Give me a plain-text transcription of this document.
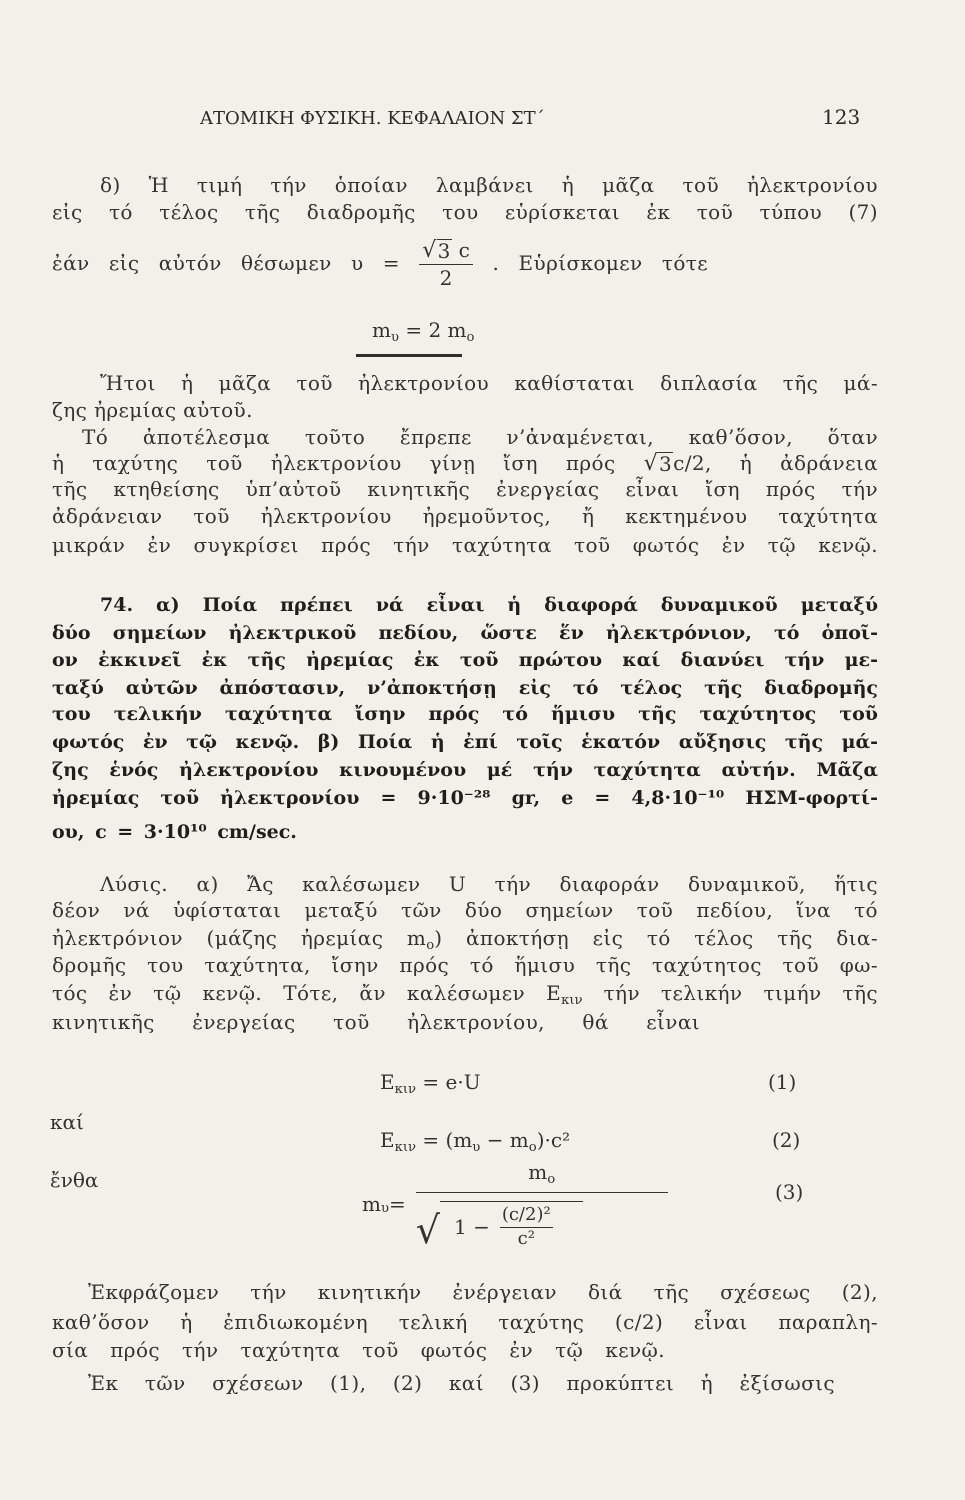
ΑΤΟΜΙΚΗ ΦΥΣΙΚΗ. ΚΕΦΑΛΑΙΟΝ ΣΤ΄	123
δ) Ἡ τιμή τήν ὁποίαν λαμβάνει ἡ μᾶζα τοῦ ἠλεκτρονίου
εἰς τό τέλος τῆς διαδρομῆς του εὑρίσκεται ἐκ τοῦ τύπου (7)
ἐάν εἰς αὐτόν θέσωμεν $\upsilon = \frac{√ 3 c}{2}$ . Εὑρίσκομεν τότε
$m_\upsilon = 2$ $m_o$
Ἤτοι ἡ μᾶζα τοῦ ἠλεκτρονίου καθίσταται διπλασία τῆς μά-
ζης ἠρεμίας αὐτοῦ.
Τό ἀποτέλεσμα τοῦτο ἔπρεπε ν’ἀναμένεται, καθ’ὅσον, ὅταν
ἡ ταχύτης τοῦ ἠλεκτρονίου γίνῃ ἴση πρός √ 3 c/2, ἡ ἀδράνεια
τῆς κτηθείσης ὑπ’αὐτοῦ κινητικῆς ἐνεργείας εἶναι ἴση πρός τήν
ἀδράνειαν τοῦ ἠλεκτρονίου ἠρεμοῦντος, ἤ κεκτημένου ταχύτητα
μικράν ἐν συγκρίσει πρός τήν ταχύτητα τοῦ φωτός ἐν τῷ κενῷ.
74. α) Ποία πρέπει νά εἶναι ἡ διαφορά δυναμικοῦ μεταξύ
δύο σημείων ἠλεκτρικοῦ πεδίου, ὥστε ἕν ἠλεκτρόνιον, τό ὁποῖ-
ον ἐκκινεῖ ἐκ τῆς ἠρεμίας ἐκ τοῦ πρώτου καί διανύει τήν με-
ταξύ αὐτῶν ἀπόστασιν, ν’ἀποκτήσῃ εἰς τό τέλος τῆς διαδρομῆς
του τελικήν ταχύτητα ἴσην πρός τό ἥμισυ τῆς ταχύτητος τοῦ
φωτός ἐν τῷ κενῷ. β) Ποία ἡ ἐπί τοῖς ἑκατόν αὔξησις τῆς μά-
ζης ἑνός ἠλεκτρονίου κινουμένου μέ τήν ταχύτητα αὐτήν. Μᾶζα
ἠρεμίας τοῦ ἠλεκτρονίου = 9·10⁻²⁸ gr, e = 4,8·10⁻¹⁰ ΗΣΜ-φορτί-
ου, c = 3·10¹⁰ cm/sec.
Λύσις. α) Ἄς καλέσωμεν U τήν διαφοράν δυναμικοῦ, ἥτις
δέον νά ὑφίσταται μεταξύ τῶν δύο σημείων τοῦ πεδίου, ἵνα τό
ἠλεκτρόνιον (μάζης ἠρεμίας $m_o$) ἀποκτήσῃ εἰς τό τέλος τῆς δια-
δρομῆς του ταχύτητα, ἴσην πρός τό ἥμισυ τῆς ταχύτητος τοῦ φω-
τός ἐν τῷ κενῷ. Τότε, ἄν καλέσωμεν $E_{\kappa\iota\nu}$ τήν τελικήν τιμήν τῆς
κινητικῆς ἐνεργείας τοῦ ἠλεκτρονίου, θά εἶναι
$E_{\kappa\iota\nu} = e\cdot U$	(1)
καί
$E_{\kappa\iota\nu} = (m_\upsilon - m_o)\cdot c^2$	(2)
ἔνθα
m υ =
$m_o$
√ $1 - \frac{\text{(c/2)²}}{\text{c²}}$
(3)
Ἐκφράζομεν τήν κινητικήν ἐνέργειαν διά τῆς σχέσεως (2),
καθ’ὅσον ἡ ἐπιδιωκομένη τελική ταχύτης (c/2) εἶναι παραπλη-
σία πρός τήν ταχύτητα τοῦ φωτός ἐν τῷ κενῷ.
Ἐκ τῶν σχέσεων (1), (2) καί (3) προκύπτει ἡ ἐξίσωσις
